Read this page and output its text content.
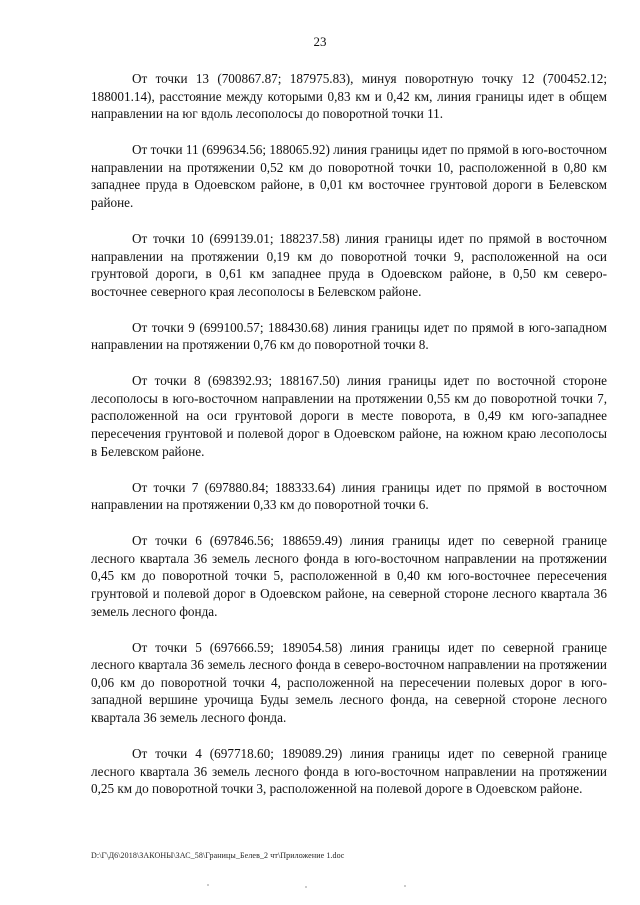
23

От точки 13 (700867.87; 187975.83), минуя поворотную точку 12 (700452.12; 188001.14), расстояние между которыми 0,83 км и 0,42 км, линия границы идет в общем направлении на юг вдоль лесополосы до поворотной точки 11.

От точки 11 (699634.56; 188065.92) линия границы идет по прямой в юго-восточном направлении на протяжении 0,52 км до поворотной точки 10, расположенной в 0,80 км западнее пруда в Одоевском районе, в 0,01 км восточнее грунтовой дороги в Белевском районе.

От точки 10 (699139.01; 188237.58) линия границы идет по прямой в восточном направлении на протяжении 0,19 км до поворотной точки 9, расположенной на оси грунтовой дороги, в 0,61 км западнее пруда в Одоевском районе, в 0,50 км северо-восточнее северного края лесополосы в Белевском районе.

От точки 9 (699100.57; 188430.68) линия границы идет по прямой в юго-западном направлении на протяжении 0,76 км до поворотной точки 8.

От точки 8 (698392.93; 188167.50) линия границы идет по восточной стороне лесополосы в юго-восточном направлении на протяжении 0,55 км до поворотной точки 7, расположенной на оси грунтовой дороги в месте поворота, в 0,49 км юго-западнее пересечения грунтовой и полевой дорог в Одоевском районе, на южном краю лесополосы в Белевском районе.

От точки 7 (697880.84; 188333.64) линия границы идет по прямой в восточном направлении на протяжении 0,33 км до поворотной точки 6.

От точки 6 (697846.56; 188659.49) линия границы идет по северной границе лесного квартала 36 земель лесного фонда в юго-восточном направлении на протяжении 0,45 км до поворотной точки 5, расположенной в 0,40 км юго-восточнее пересечения грунтовой и полевой дорог в Одоевском районе, на северной стороне лесного квартала 36 земель лесного фонда.

От точки 5 (697666.59; 189054.58) линия границы идет по северной границе лесного квартала 36 земель лесного фонда в северо-восточном направлении на протяжении 0,06 км до поворотной точки 4, расположенной на пересечении полевых дорог в юго-западной вершине урочища Буды земель лесного фонда, на северной стороне лесного квартала 36 земель лесного фонда.

От точки 4 (697718.60; 189089.29) линия границы идет по северной границе лесного квартала 36 земель лесного фонда в юго-восточном направлении на протяжении 0,25 км до поворотной точки 3, расположенной на полевой дороге в Одоевском районе.

D:\Г\Д6\2018\ЗАКОНЫ\ЗАС_58\Границы_Белев_2 чт\Приложение 1.doc
